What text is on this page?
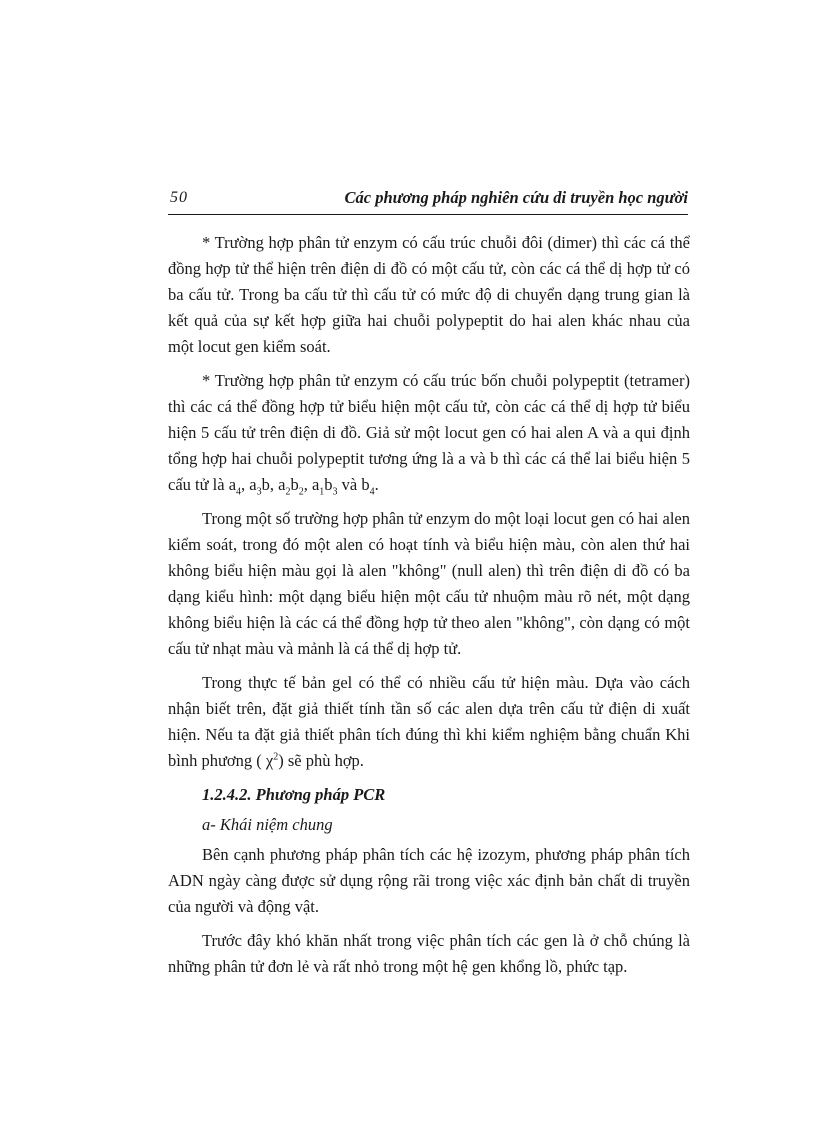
50	Các phương pháp nghiên cứu di truyền học người

* Trường hợp phân tử enzym có cấu trúc chuỗi đôi (dimer) thì các cá thể đồng hợp tử thể hiện trên điện di đồ có một cấu tử, còn các cá thể dị hợp tử có ba cấu tử. Trong ba cấu tử thì cấu tử có mức độ di chuyển dạng trung gian là kết quả của sự kết hợp giữa hai chuỗi polypeptit do hai alen khác nhau của một locut gen kiểm soát.

* Trường hợp phân tử enzym có cấu trúc bốn chuỗi polypeptit (tetramer) thì các cá thể đồng hợp tử biểu hiện một cấu tử, còn các cá thể dị hợp tử biểu hiện 5 cấu tử trên điện di đồ. Giả sử một locut gen có hai alen A và a qui định tổng hợp hai chuỗi polypeptit tương ứng là a và b thì các cá thể lai biểu hiện 5 cấu tử là $a_4$, $a_3b$, $a_2b_2$, $a_1b_3$ và $b_4$.

Trong một số trường hợp phân tử enzym do một loại locut gen có hai alen kiểm soát, trong đó một alen có hoạt tính và biểu hiện màu, còn alen thứ hai không biểu hiện màu gọi là alen "không" (null alen) thì trên điện di đồ có ba dạng kiểu hình: một dạng biểu hiện một cấu tử nhuộm màu rõ nét, một dạng không biểu hiện là các cá thể đồng hợp tử theo alen "không", còn dạng có một cấu tử nhạt màu và mảnh là cá thể dị hợp tử.

Trong thực tế bản gel có thể có nhiều cấu tử hiện màu. Dựa vào cách nhận biết trên, đặt giả thiết tính tần số các alen dựa trên cấu tử điện di xuất hiện. Nếu ta đặt giả thiết phân tích đúng thì khi kiểm nghiệm bằng chuẩn Khi bình phương ( $\chi^2$) sẽ phù hợp.

1.2.4.2. Phương pháp PCR
a- Khái niệm chung

Bên cạnh phương pháp phân tích các hệ izozym, phương pháp phân tích ADN ngày càng được sử dụng rộng rãi trong việc xác định bản chất di truyền của người và động vật.

Trước đây khó khăn nhất trong việc phân tích các gen là ở chỗ chúng là những phân tử đơn lẻ và rất nhỏ trong một hệ gen khổng lồ, phức tạp.
